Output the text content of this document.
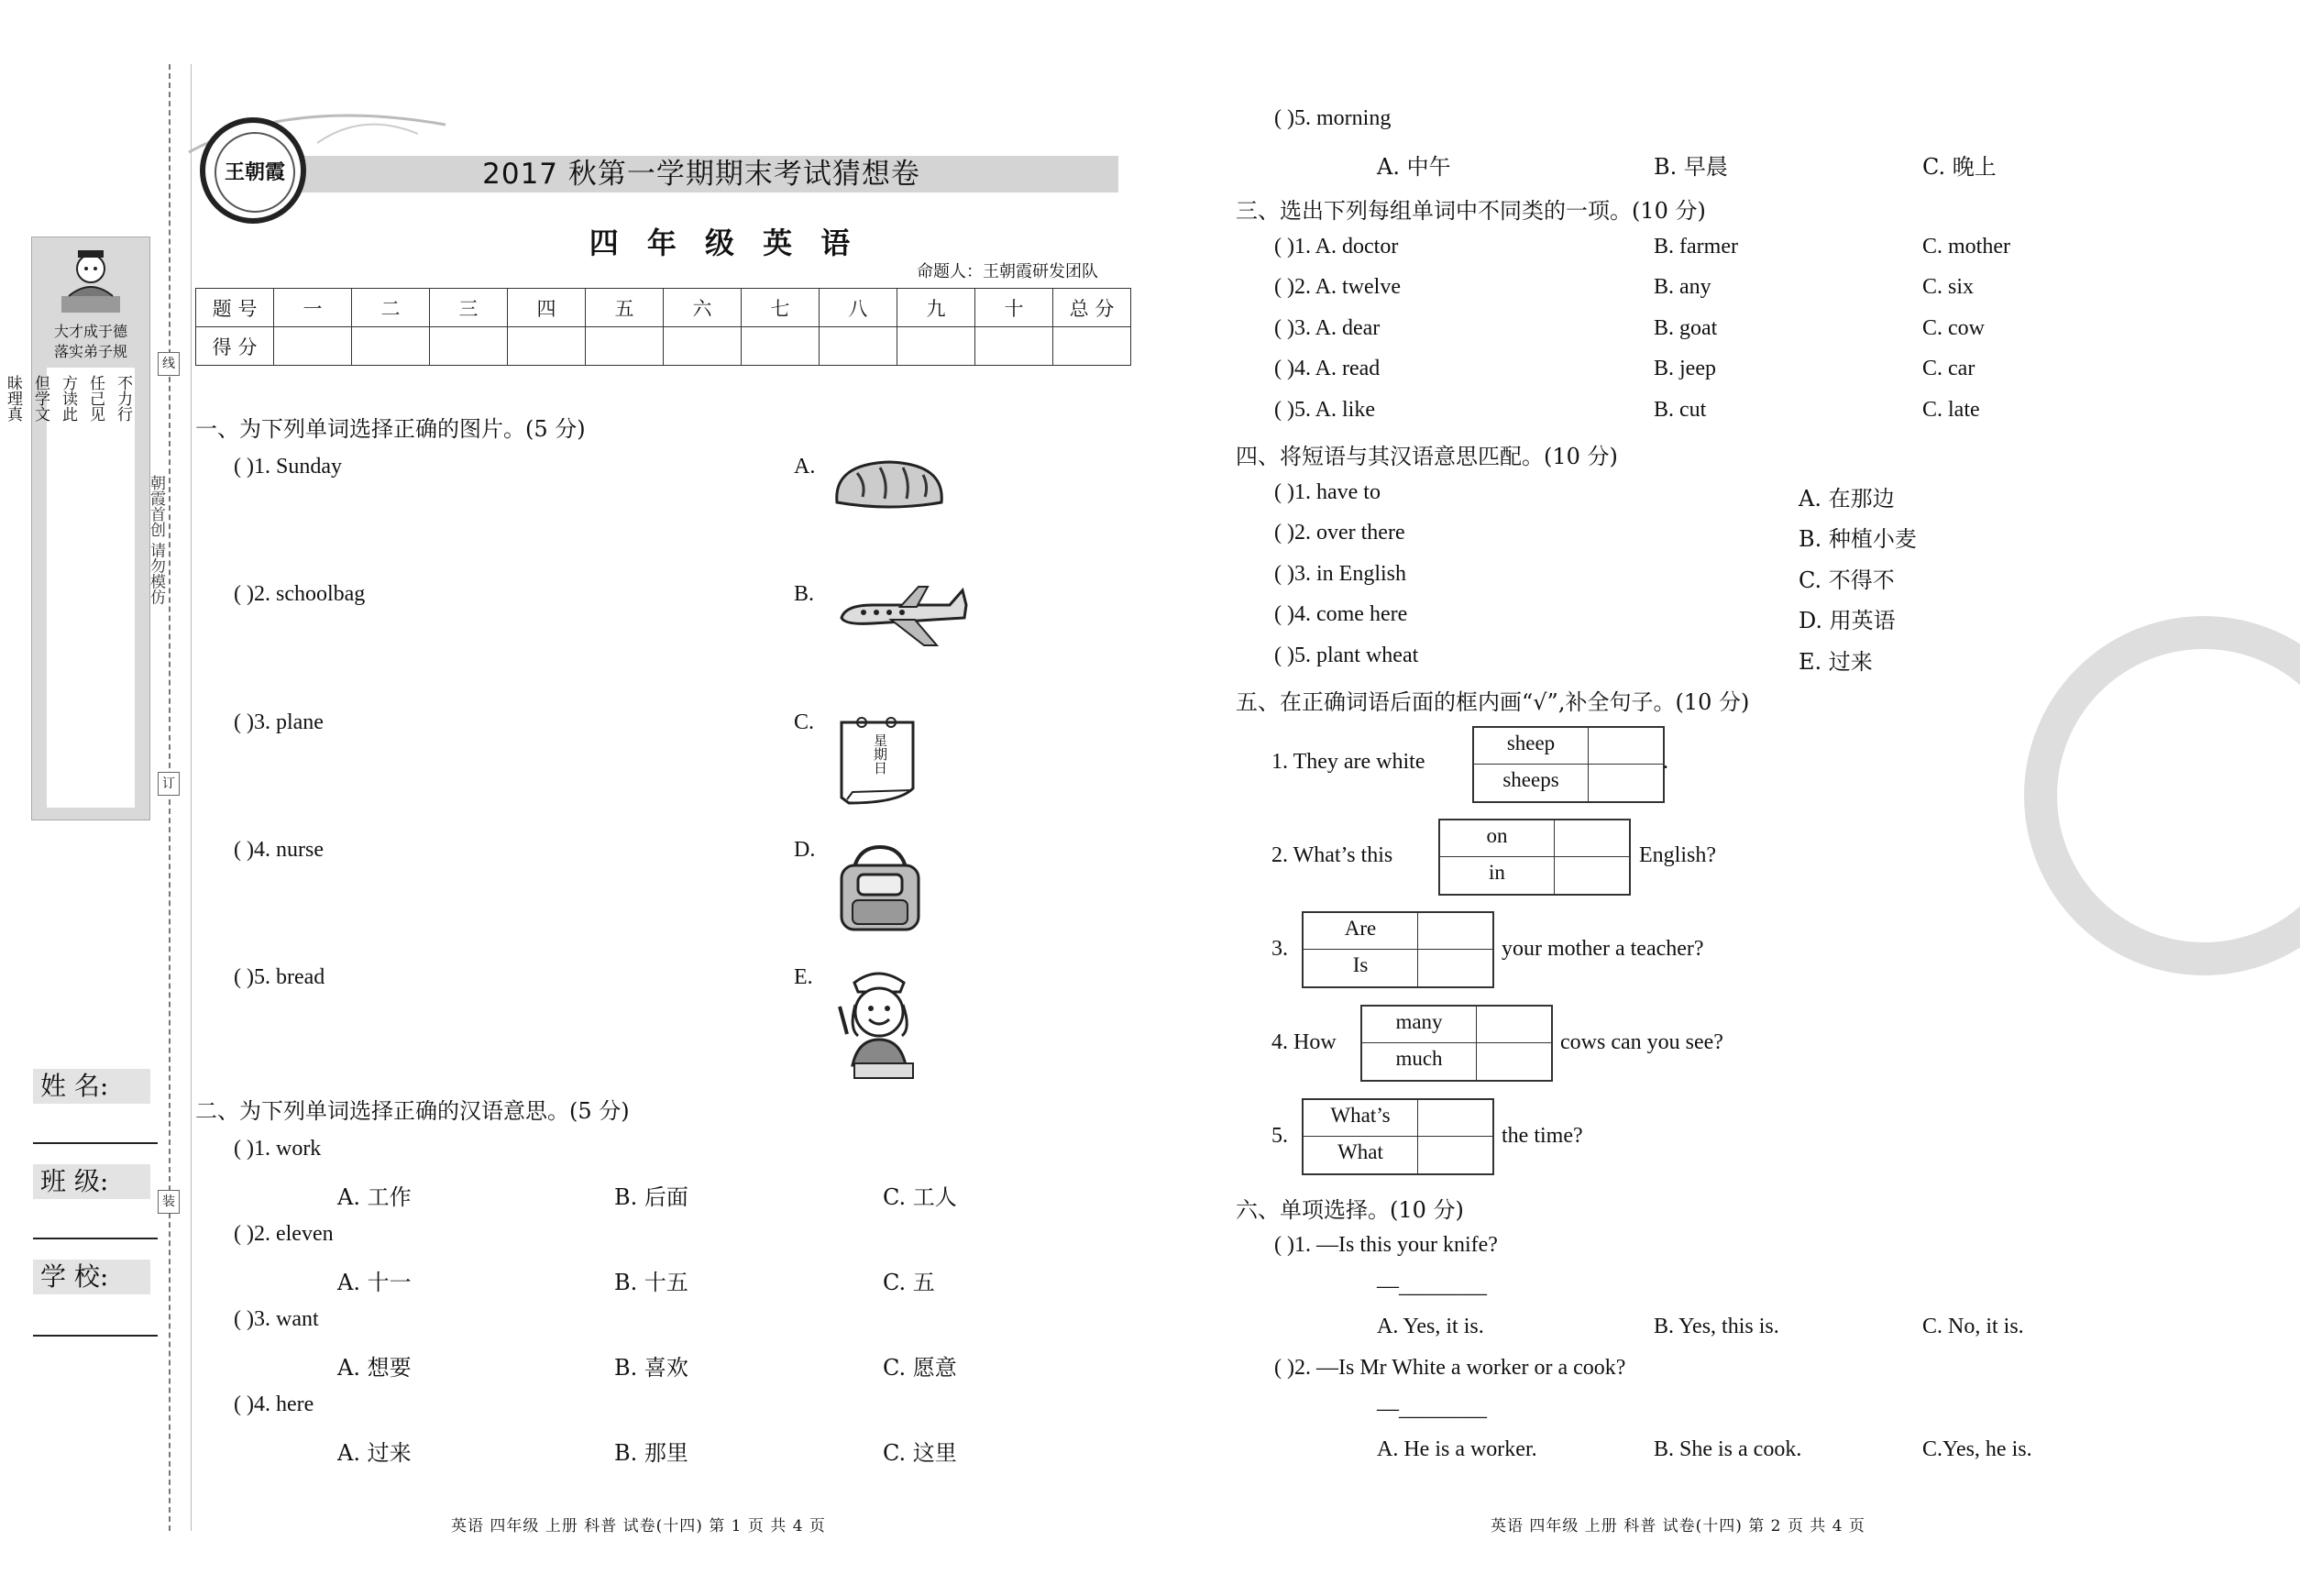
大才成于德
落实弟子规
不力行
任己见
方读此
但学文
昧理真
朝霞首创 请勿模仿
线
订
装
姓 名:
班 级:
学 校:
2017 秋第一学期期末考试猜想卷
王朝霞
四 年 级 英 语
命题人：王朝霞研发团队
题 号	一	二	三	四	五	六	七	八	九	十	总 分
得 分											
一、为下列单词选择正确的图片。(5 分)
( )1. Sunday
( )2. schoolbag
( )3. plane
( )4. nurse
( )5. bread
A.
B.
C.
D.
E.
星期日
二、为下列单词选择正确的汉语意思。(5 分)
( )1. work
A. 工作	B. 后面	C. 工人
( )2. eleven
A. 十一	B. 十五	C. 五
( )3. want
A. 想要	B. 喜欢	C. 愿意
( )4. here
A. 过来	B. 那里	C. 这里
( )5. morning
A. 中午	B. 早晨	C. 晚上
三、选出下列每组单词中不同类的一项。(10 分)
( )1. A. doctor	B. farmer	C. mother
( )2. A. twelve	B. any	C. six
( )3. A. dear	B. goat	C. cow
( )4. A. read	B. jeep	C. car
( )5. A. like	B. cut	C. late
四、将短语与其汉语意思匹配。(10 分)
( )1. have to	A. 在那边
( )2. over there	B. 种植小麦
( )3. in English	C. 不得不
( )4. come here	D. 用英语
( )5. plant wheat	E. 过来
五、在正确词语后面的框内画“√”,补全句子。(10 分)
1. They are white
sheep
sheeps
.
2. What’s this
on
in
English?
3.
Are
Is
your mother a teacher?
4. How
many
much
cows can you see?
5.
What’s
What
the time?
六、单项选择。(10 分)
( )1. —Is this your knife?
—________
A. Yes, it is.	B. Yes, this is.	C. No, it is.
( )2. —Is Mr White a worker or a cook?
—________
A. He is a worker.	B. She is a cook.	C.Yes, he is.
英语 四年级 上册 科普 试卷(十四) 第 1 页 共 4 页	英语 四年级 上册 科普 试卷(十四) 第 2 页 共 4 页
